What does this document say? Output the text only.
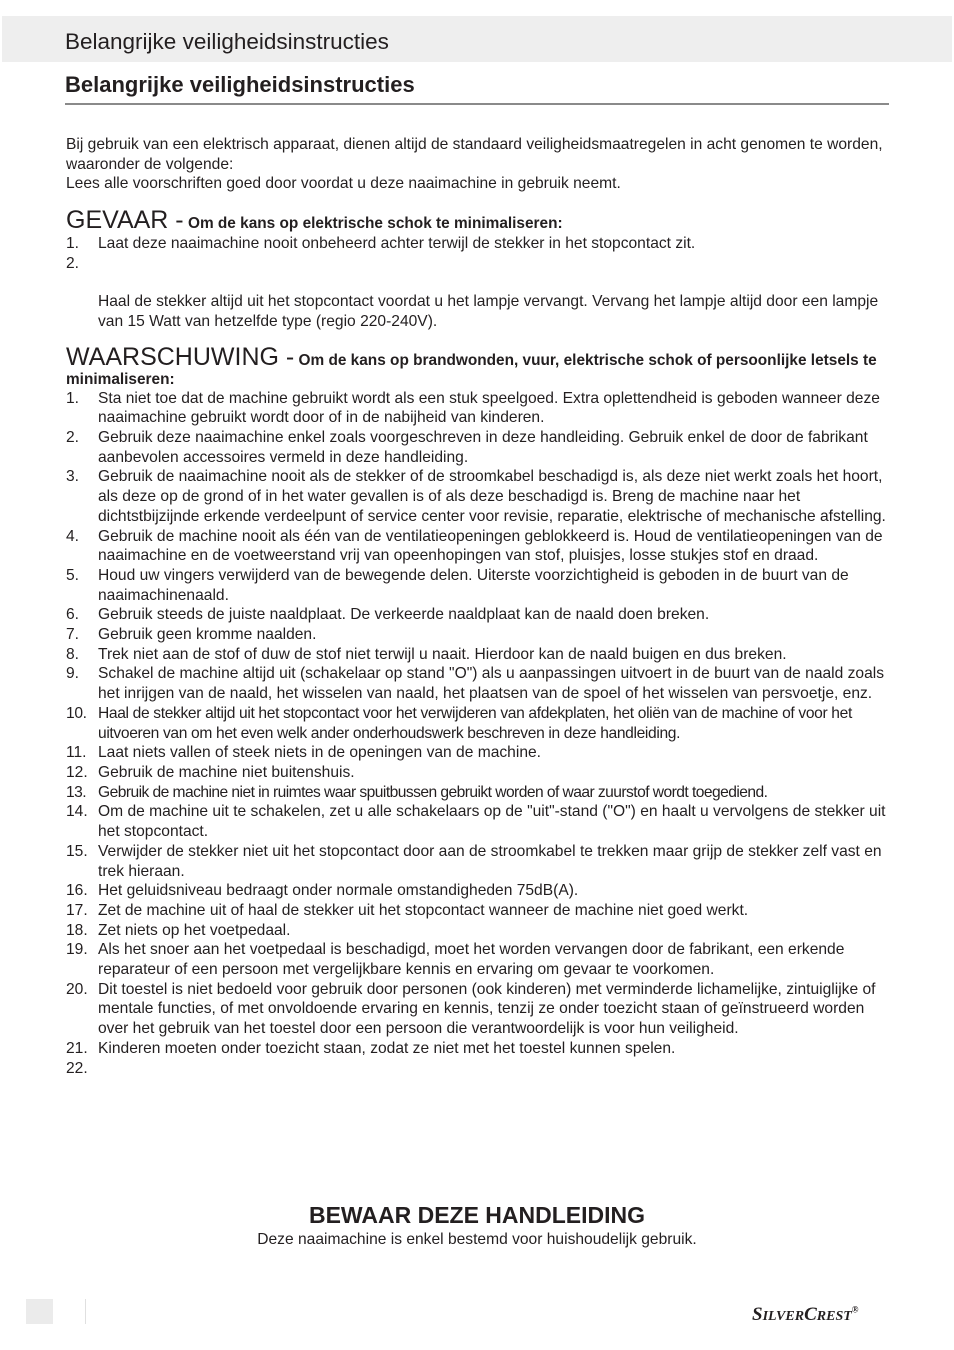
Belangrijke veiligheidsinstructies
Belangrijke veiligheidsinstructies

Bij gebruik van een elektrisch apparaat, dienen altijd de standaard veiligheidsmaatregelen in acht genomen te worden, waaronder de volgende:

Lees alle voorschriften goed door voordat u deze naaimachine in gebruik neemt.

GEVAAR - Om de kans op elektrische schok te minimaliseren:

1. Laat deze naaimachine nooit onbeheerd achter terwijl de stekker in het stopcontact zit.
2.

Haal de stekker altijd uit het stopcontact voordat u het lampje vervangt. Vervang het lampje altijd door een lampje van 15 Watt van hetzelfde type (regio 220-240V).

WAARSCHUWING - Om de kans op brandwonden, vuur, elektrische schok of persoonlijke letsels te minimaliseren:

1. Sta niet toe dat de machine gebruikt wordt als een stuk speelgoed. Extra oplettendheid is geboden wanneer deze naaimachine gebruikt wordt door of in de nabijheid van kinderen.
2. Gebruik deze naaimachine enkel zoals voorgeschreven in deze handleiding. Gebruik enkel de door de fabrikant aanbevolen accessoires vermeld in deze handleiding.
3. Gebruik de naaimachine nooit als de stekker of de stroomkabel beschadigd is, als deze niet werkt zoals het hoort, als deze op de grond of in het water gevallen is of als deze beschadigd is. Breng de machine naar het dichtstbijzijnde erkende verdeelpunt of service center voor revisie, reparatie, elektrische of mechanische afstelling.
4. Gebruik de machine nooit als één van de ventilatieopeningen geblokkeerd is. Houd de ventilatieopeningen van de naaimachine en de voetweerstand vrij van opeenhopingen van stof, pluisjes, losse stukjes stof en draad.
5. Houd uw vingers verwijderd van de bewegende delen. Uiterste voorzichtigheid is geboden in de buurt van de naaimachinenaald.
6. Gebruik steeds de juiste naaldplaat. De verkeerde naaldplaat kan de naald doen breken.
7. Gebruik geen kromme naalden.
8. Trek niet aan de stof of duw de stof niet terwijl u naait. Hierdoor kan de naald buigen en dus breken.
9. Schakel de machine altijd uit (schakelaar op stand "O") als u aanpassingen uitvoert in de buurt van de naald zoals het inrijgen van de naald, het wisselen van naald, het plaatsen van de spoel of het wisselen van persvoetje, enz.
10. Haal de stekker altijd uit het stopcontact voor het verwijderen van afdekplaten, het oliën van de machine of voor het uitvoeren van om het even welk ander onderhoudswerk beschreven in deze handleiding.
11. Laat niets vallen of steek niets in de openingen van de machine.
12. Gebruik de machine niet buitenshuis.
13. Gebruik de machine niet in ruimtes waar spuitbussen gebruikt worden of waar zuurstof wordt toegediend.
14. Om de machine uit te schakelen, zet u alle schakelaars op de "uit"-stand ("O") en haalt u vervolgens de stekker uit het stopcontact.
15. Verwijder de stekker niet uit het stopcontact door aan de stroomkabel te trekken maar grijp de stekker zelf vast en trek hieraan.
16. Het geluidsniveau bedraagt onder normale omstandigheden 75dB(A).
17. Zet de machine uit of haal de stekker uit het stopcontact wanneer de machine niet goed werkt.
18. Zet niets op het voetpedaal.
19. Als het snoer aan het voetpedaal is beschadigd, moet het worden vervangen door de fabrikant, een erkende reparateur of een persoon met vergelijkbare kennis en ervaring om gevaar te voorkomen.
20. Dit toestel is niet bedoeld voor gebruik door personen (ook kinderen) met verminderde lichamelijke, zintuiglijke of mentale functies, of met onvoldoende ervaring en kennis, tenzij ze onder toezicht staan of geïnstrueerd worden over het gebruik van het toestel door een persoon die verantwoordelijk is voor hun veiligheid.
21. Kinderen moeten onder toezicht staan, zodat ze niet met het toestel kunnen spelen.
22.

BEWAAR DEZE HANDLEIDING
Deze naaimachine is enkel bestemd voor huishoudelijk gebruik.
SILVERCREST®
